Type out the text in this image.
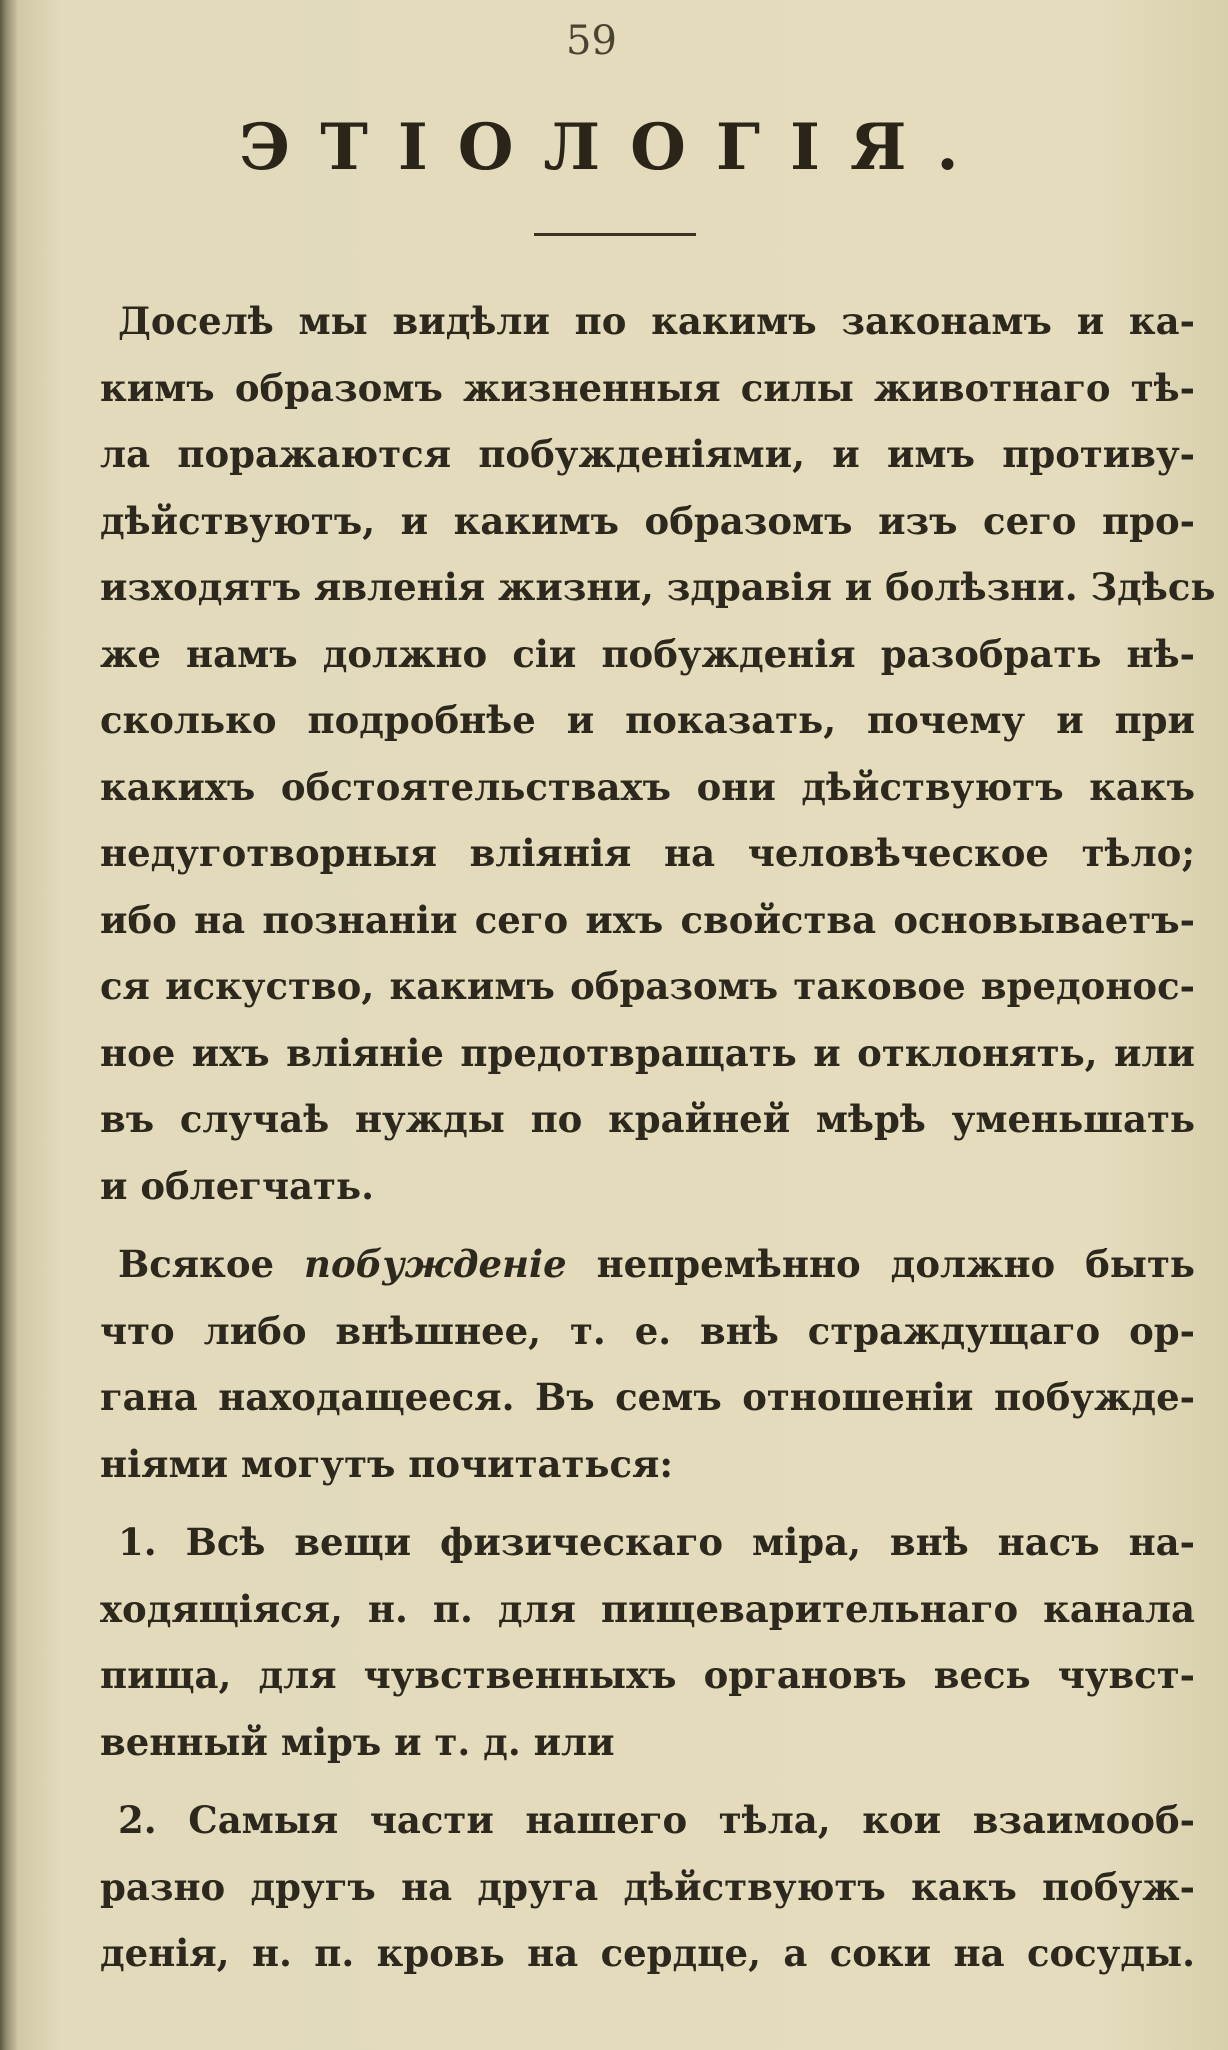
59
ЭТІОЛОГІЯ.
Доселѣ мы видѣли по какимъ законамъ и ка-
кимъ образомъ жизненныя силы животнаго тѣ-
ла поражаются побужденіями, и имъ противу-
дѣйствуютъ, и какимъ образомъ изъ сего про-
изходятъ явленія жизни, здравія и болѣзни. Здѣсь
же намъ должно сіи побужденія разобрать нѣ-
сколько подробнѣе и показать, почему и при
какихъ обстоятельствахъ они дѣйствуютъ какъ
недуготворныя вліянія на человѣческое тѣло;
ибо на познаніи сего ихъ свойства основываетъ-
ся искуство, какимъ образомъ таковое вредонос-
ное ихъ вліяніе предотвращать и отклонять, или
въ случаѣ нужды по крайней мѣрѣ уменьшать
и облегчать.
Всякое побужденіе непремѣнно должно быть
что либо внѣшнее, т. е. внѣ страждущаго ор-
гана находащееся. Въ семъ отношеніи побужде-
ніями могутъ почитаться:
1. Всѣ вещи физическаго міра, внѣ насъ на-
ходящіяся, н. п. для пищеварительнаго канала
пища, для чувственныхъ органовъ весь чувст-
венный міръ и т. д. или
2. Самыя части нашего тѣла, кои взаимооб-
разно другъ на друга дѣйствуютъ какъ побуж-
денія, н. п. кровь на сердце, а соки на сосуды.
